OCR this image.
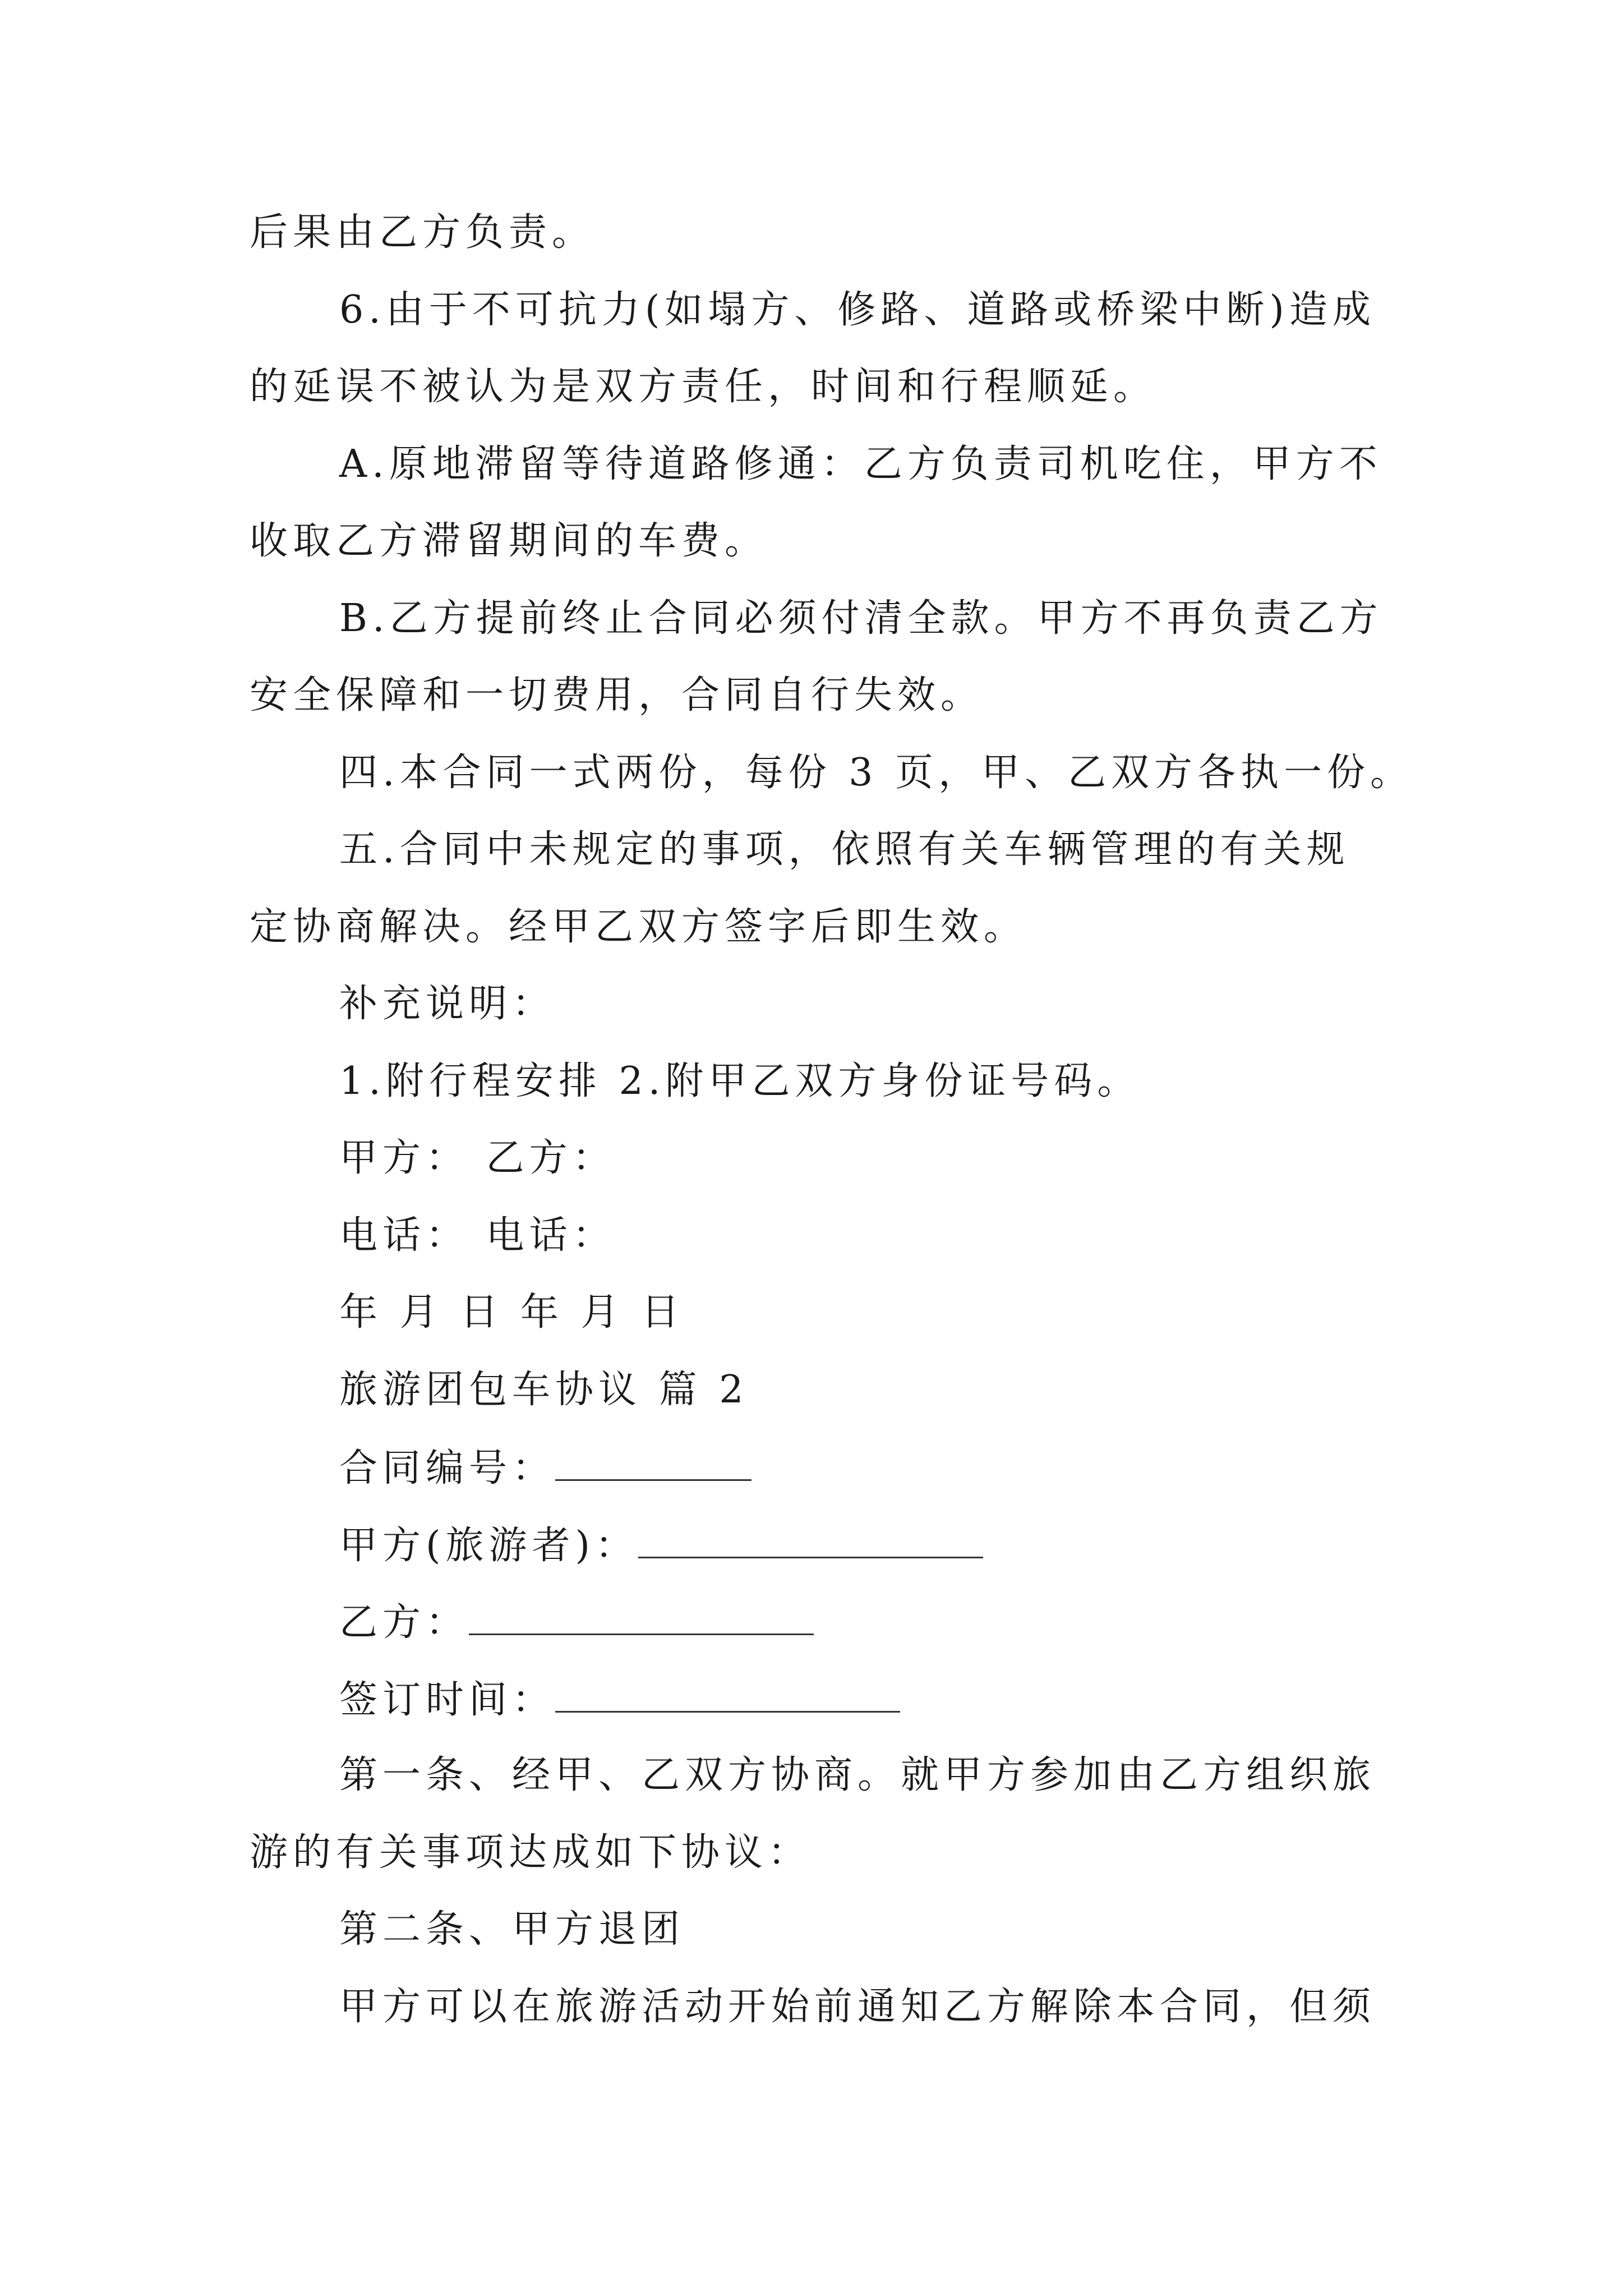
后果由乙方负责。
6.由于不可抗力(如塌方、修路、道路或桥梁中断)造成
的延误不被认为是双方责任，时间和行程顺延。
A.原地滞留等待道路修通：乙方负责司机吃住，甲方不
收取乙方滞留期间的车费。
B.乙方提前终止合同必须付清全款。甲方不再负责乙方
安全保障和一切费用，合同自行失效。
四.本合同一式两份，每份 3 页，甲、乙双方各执一份。
五.合同中未规定的事项，依照有关车辆管理的有关规
定协商解决。经甲乙双方签字后即生效。
补充说明：
1.附行程安排 2.附甲乙双方身份证号码。
甲方： 乙方：
电话： 电话：
年 月 日 年 月 日
旅游团包车协议 篇 2
合同编号：
甲方(旅游者)：
乙方：
签订时间：
第一条、经甲、乙双方协商。就甲方参加由乙方组织旅
游的有关事项达成如下协议：
第二条、甲方退团
甲方可以在旅游活动开始前通知乙方解除本合同，但须
